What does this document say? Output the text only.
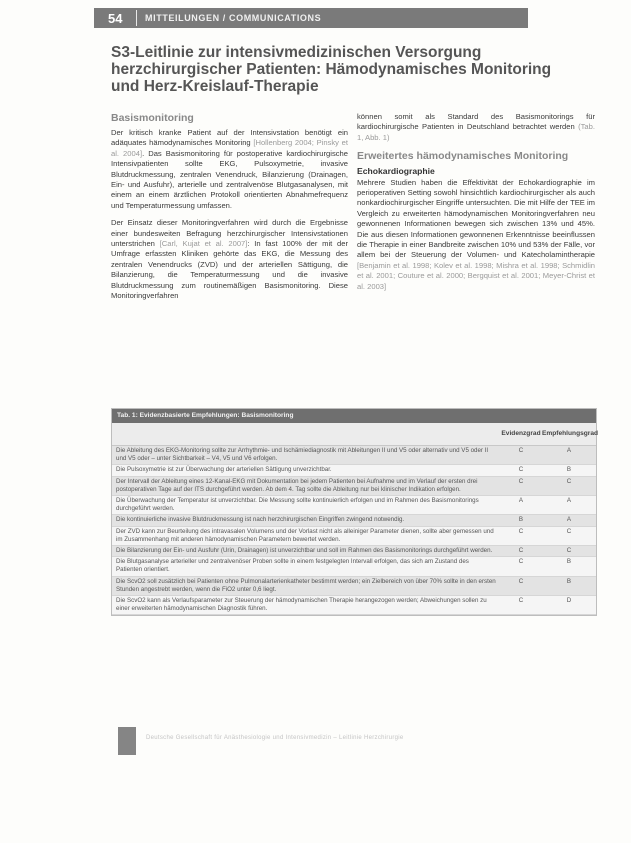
54	MITTEILUNGEN / COMMUNICATIONS
S3-Leitlinie zur intensivmedizinischen Versorgung herzchirurgischer Patienten: Hämodynamisches Monitoring und Herz-Kreislauf-Therapie
Basismonitoring

Der kritisch kranke Patient auf der Intensivstation benötigt ein adäquates hämodynamisches Monitoring [Hollenberg 2004; Pinsky et al. 2004]. Das Basismonitoring für postoperative kardiochirurgische Intensivpatienten sollte EKG, Pulsoxymetrie, invasive Blutdruckmessung, zentralen Venendruck, Bilanzierung (Drainagen, Ein- und Ausfuhr), arterielle und zentralvenöse Blutgasanalysen, mit einem an einem ärztlichen Protokoll orientierten Abnahmefrequenz und Temperaturmessung umfassen.

Der Einsatz dieser Monitoringverfahren wird durch die Ergebnisse einer bundesweiten Befragung herzchirurgischer Intensivstationen unterstrichen [Carl, Kujat et al. 2007]: In fast 100% der mit der Umfrage erfassten Kliniken gehörte das EKG, die Messung des zentralen Venendrucks (ZVD) und der arteriellen Sättigung, die Bilanzierung, die Temperaturmessung und die invasive Blutdruckmessung zum routinemäßigen Basismonitoring. Diese Monitoringverfahren

können somit als Standard des Basismonitorings für kardiochirurgische Patienten in Deutschland betrachtet werden (Tab. 1, Abb. 1)

Erweitertes hämodynamisches Monitoring
Echokardiographie

Mehrere Studien haben die Effektivität der Echokardiographie im perioperativen Setting sowohl hinsichtlich kardiochirurgischer als auch nonkardiochirurgischer Eingriffe untersuchten. Die mit Hilfe der TEE im Vergleich zu erweiterten hämodynamischen Monitoringverfahren neu gewonnenen Informationen bewegen sich zwischen 13% und 45%. Die aus diesen Informationen gewonnenen Erkenntnisse beeinflussen die Therapie in einer Bandbreite zwischen 10% und 53% der Fälle, vor allem bei der Steuerung der Volumen- und Katecholamintherapie [Benjamin et al. 1998; Kolev et al. 1998; Mishra et al. 1998; Schmidlin et al. 2001; Couture et al. 2000; Bergquist et al. 2001; Meyer-Christ et al. 2003]

Tab. 1: Evidenzbasierte Empfehlungen: Basismonitoring
Evidenzgrad Empfehlungsgrad
Die Ableitung des EKG-Monitoring sollte zur Arrhythmie- und Ischämiediagnostik mit Ableitungen II und V5 oder alternativ und V5 oder II und V5 oder – unter Sichtbarkeit – V4, V5 und V6 erfolgen.
C	A
Die Pulsoxymetrie ist zur Überwachung der arteriellen Sättigung unverzichtbar.	C	B
Der Intervall der Ableitung eines 12-Kanal-EKG mit Dokumentation bei jedem Patienten bei Aufnahme und im Verlauf der ersten drei postoperativen Tage auf der ITS durchgeführt werden. Ab dem 4. Tag sollte die Ableitung nur bei klinischer Indikation erfolgen.
C	C
Die Überwachung der Temperatur ist unverzichtbar. Die Messung sollte kontinuierlich erfolgen und im Rahmen des Basismonitorings durchgeführt werden.
A	A
Die kontinuierliche invasive Blutdruckmessung ist nach herzchirurgischen Eingriffen zwingend notwendig.	B	A
Der ZVD kann zur Beurteilung des intravasalen Volumens und der Vorlast nicht als alleiniger Parameter dienen, sollte aber gemessen und im Zusammenhang mit anderen hämodynamischen Parametern bewertet werden.
C	C
Die Bilanzierung der Ein- und Ausfuhr (Urin, Drainagen) ist unverzichtbar und soll im Rahmen des Basismonitorings durchgeführt werden.	C	C
Die Blutgasanalyse arterieller und zentralvenöser Proben sollte in einem festgelegten Intervall erfolgen, das sich am Zustand des Patienten orientiert.
C	B
Die ScvO2 soll zusätzlich bei Patienten ohne Pulmonalarterienkatheter bestimmt werden; ein Zielbereich von über 70% sollte in den ersten Stunden angestrebt werden, wenn die FiO2 unter 0,6 liegt.
C	B
Die ScvO2 kann als Verlaufsparameter zur Steuerung der hämodynamischen Therapie herangezogen werden; Abweichungen sollen zu einer erweiterten hämodynamischen Diagnostik führen.
C	D
Deutsche Gesellschaft für Anästhesiologie und Intensivmedizin – Leitlinie Herzchirurgie
